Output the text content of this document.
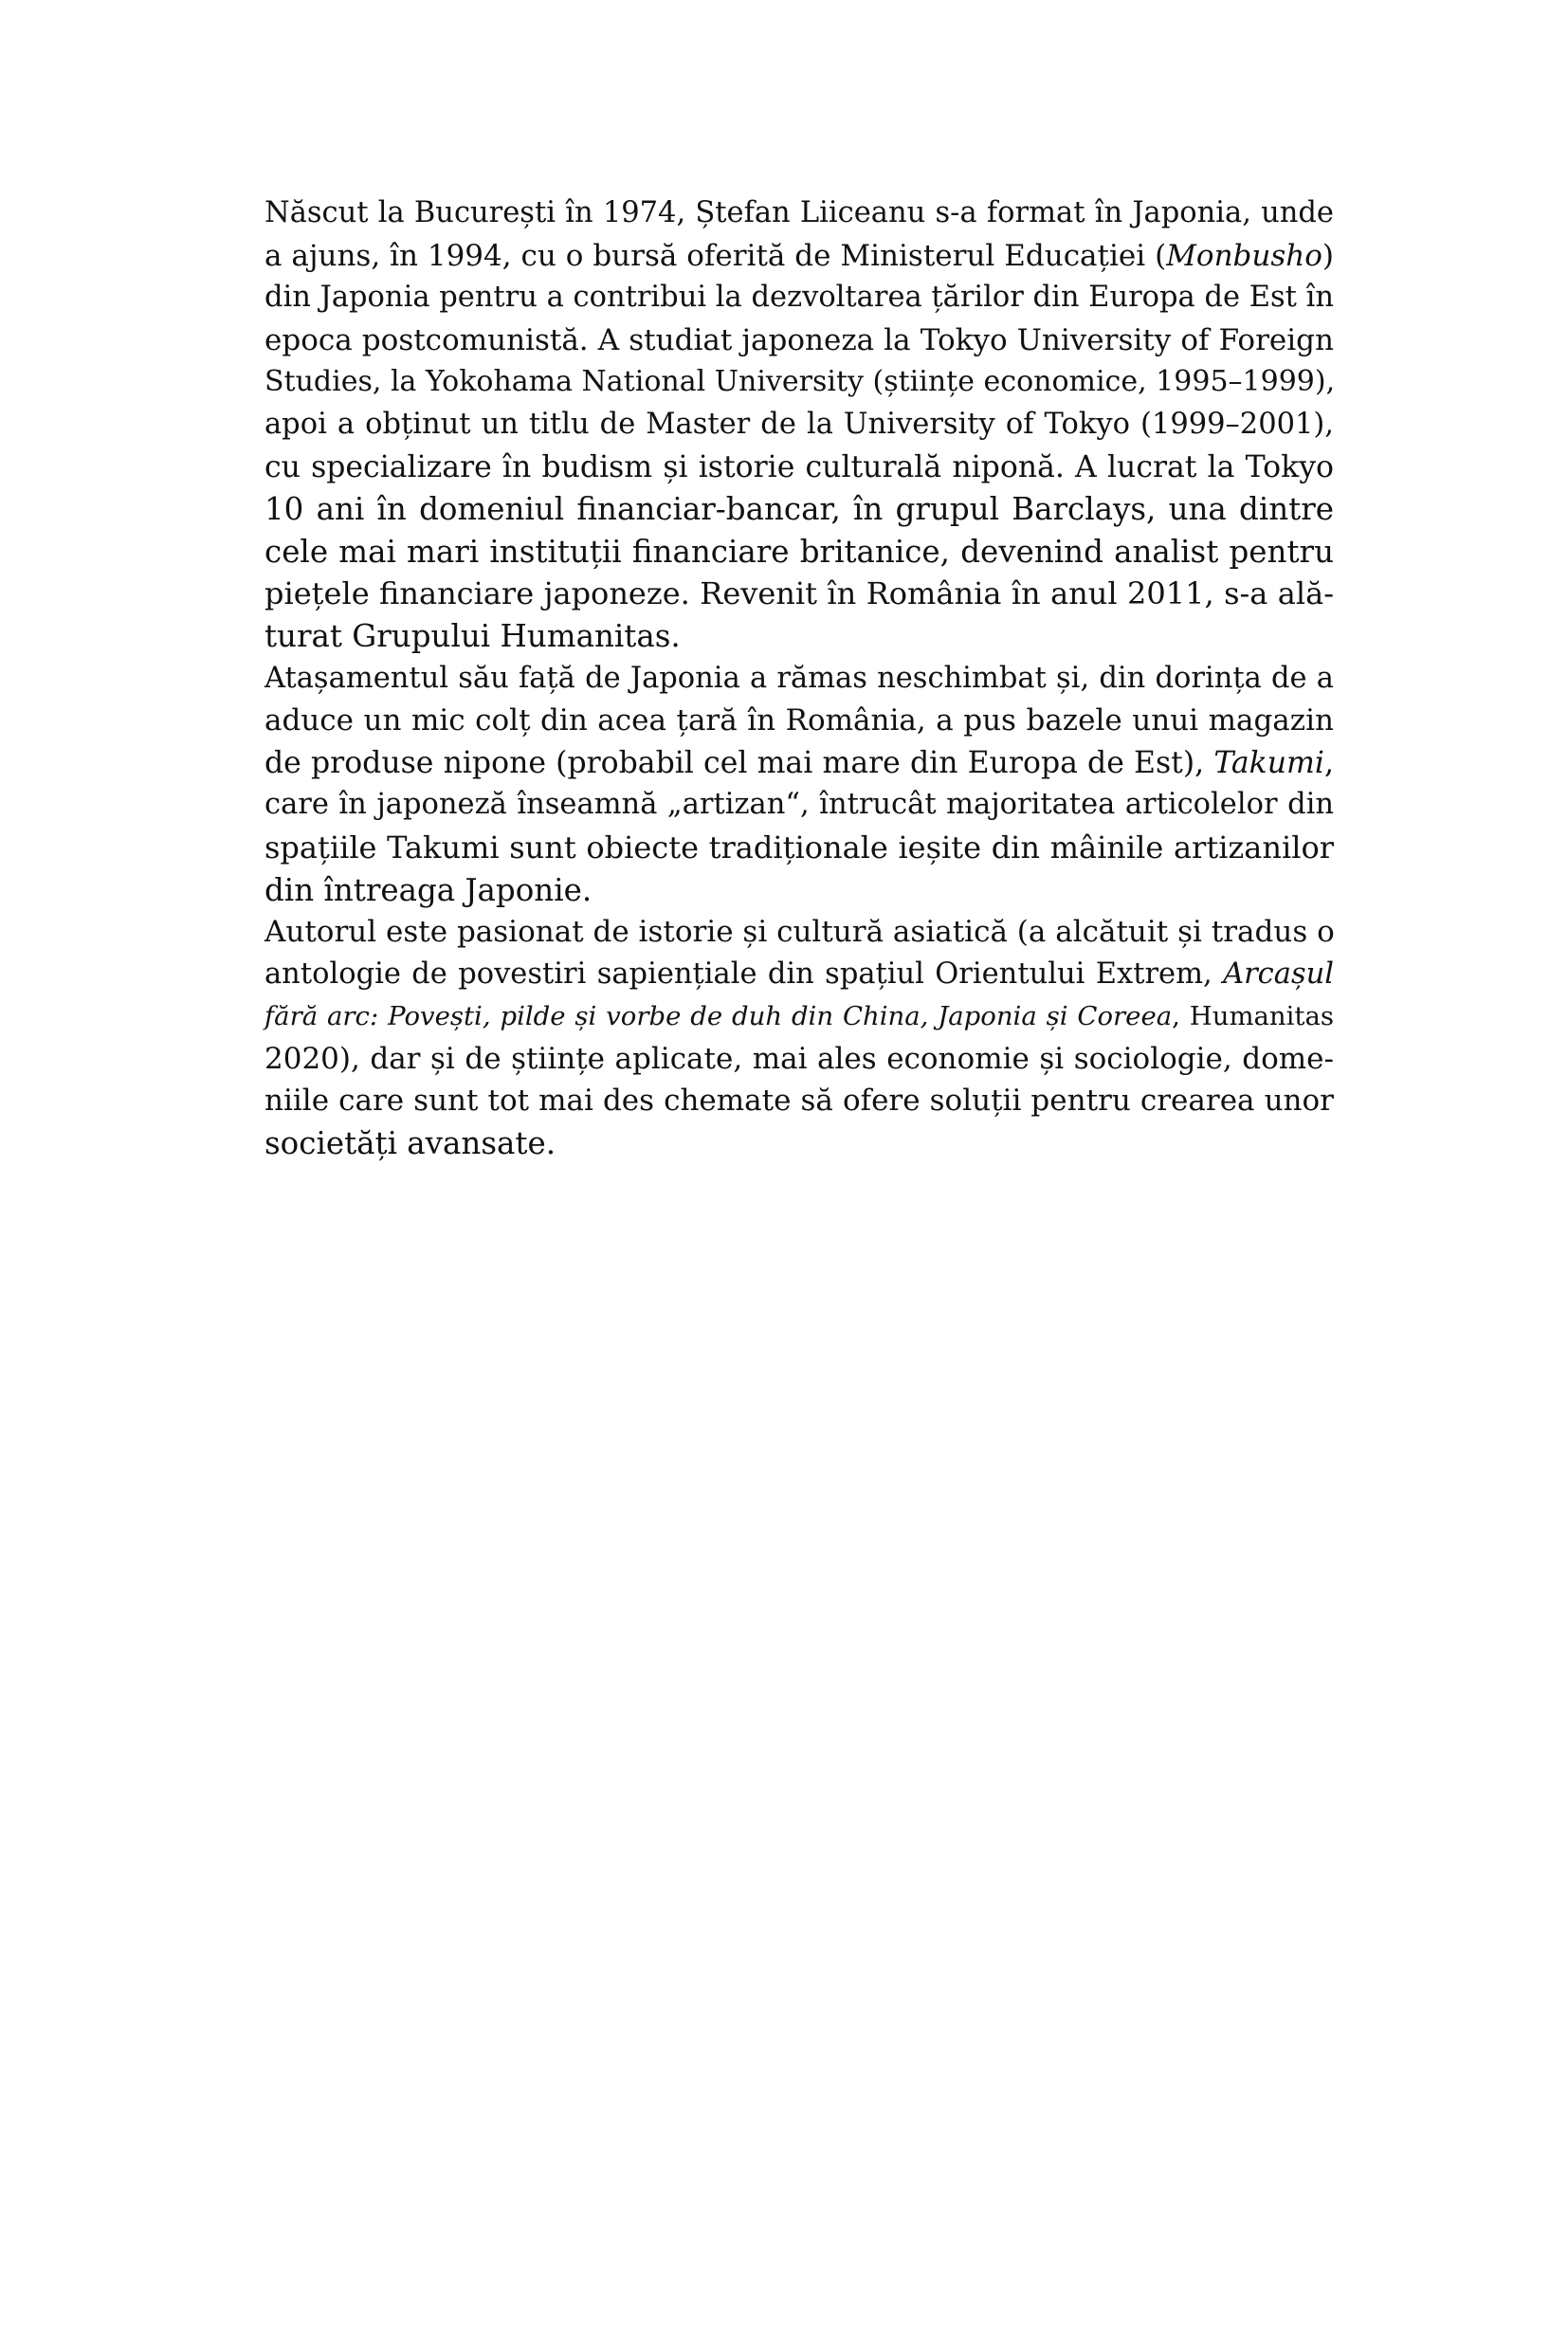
Născut la București în 1974, Ștefan Liiceanu s-a format în Japonia, unde
a ajuns, în 1994, cu o bursă oferită de Ministerul Educației (Monbusho)
din Japonia pentru a contribui la dezvoltarea țărilor din Europa de Est în
epoca postcomunistă. A studiat japoneza la Tokyo University of Foreign
Studies, la Yokohama National University (științe economice, 1995–1999),
apoi a obținut un titlu de Master de la University of Tokyo (1999–2001),
cu specializare în budism și istorie culturală niponă. A lucrat la Tokyo
10 ani în domeniul financiar-bancar, în grupul Barclays, una dintre
cele mai mari instituții financiare britanice, devenind analist pentru
piețele financiare japoneze. Revenit în România în anul 2011, s-a ală-
turat Grupului Humanitas.
Atașamentul său față de Japonia a rămas neschimbat și, din dorința de a
aduce un mic colț din acea țară în România, a pus bazele unui magazin
de produse nipone (probabil cel mai mare din Europa de Est), Takumi,
care în japoneză înseamnă „artizan“, întrucât majoritatea articolelor din
spațiile Takumi sunt obiecte tradiționale ieșite din mâinile artizanilor
din întreaga Japonie.
Autorul este pasionat de istorie și cultură asiatică (a alcătuit și tradus o
antologie de povestiri sapiențiale din spațiul Orientului Extrem, Arcașul
fără arc: Povești, pilde și vorbe de duh din China, Japonia și Coreea, Humanitas
2020), dar și de științe aplicate, mai ales economie și sociologie, dome-
niile care sunt tot mai des chemate să ofere soluții pentru crearea unor
societăți avansate.
